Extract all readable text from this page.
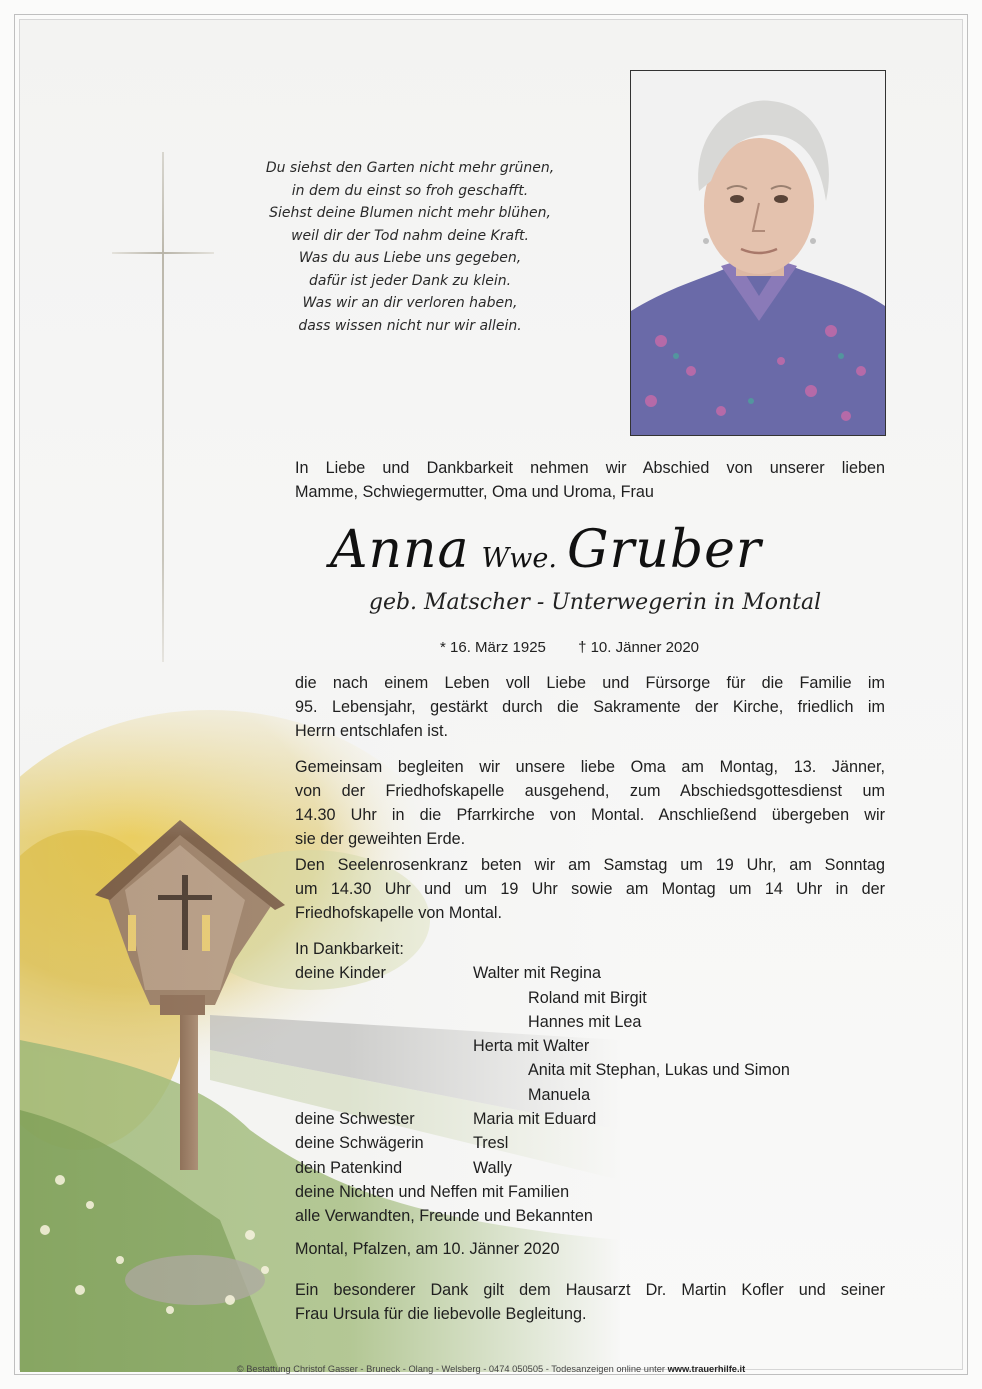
Du siehst den Garten nicht mehr grünen,
in dem du einst so froh geschafft.
Siehst deine Blumen nicht mehr blühen,
weil dir der Tod nahm deine Kraft.
Was du aus Liebe uns gegeben,
dafür ist jeder Dank zu klein.
Was wir an dir verloren haben,
dass wissen nicht nur wir allein.
In Liebe und Dankbarkeit nehmen wir Abschied von unserer lieben
Mamme, Schwiegermutter, Oma und Uroma, Frau
Anna Wwe. Gruber
geb. Matscher - Unterwegerin in Montal
* 16. März 1925 † 10. Jänner 2020
die nach einem Leben voll Liebe und Fürsorge für die Familie im
95. Lebensjahr, gestärkt durch die Sakramente der Kirche, friedlich im
Herrn entschlafen ist.
Gemeinsam begleiten wir unsere liebe Oma am Montag, 13. Jänner,
von der Friedhofskapelle ausgehend, zum Abschiedsgottesdienst um
14.30 Uhr in die Pfarrkirche von Montal. Anschließend übergeben wir
sie der geweihten Erde.
Den Seelenrosenkranz beten wir am Samstag um 19 Uhr, am Sonntag
um 14.30 Uhr und um 19 Uhr sowie am Montag um 14 Uhr in der
Friedhofskapelle von Montal.
In Dankbarkeit:
deine Kinder	Walter mit Regina
Roland mit Birgit
Hannes mit Lea
Herta mit Walter
Anita mit Stephan, Lukas und Simon
Manuela
deine Schwester	Maria mit Eduard
deine Schwägerin	Tresl
dein Patenkind	Wally
deine Nichten und Neffen mit Familien
alle Verwandten, Freunde und Bekannten
Montal, Pfalzen, am 10. Jänner 2020
Ein besonderer Dank gilt dem Hausarzt Dr. Martin Kofler und seiner
Frau Ursula für die liebevolle Begleitung.
© Bestattung Christof Gasser - Bruneck - Olang - Welsberg - 0474 050505 - Todesanzeigen online unter www.trauerhilfe.it
